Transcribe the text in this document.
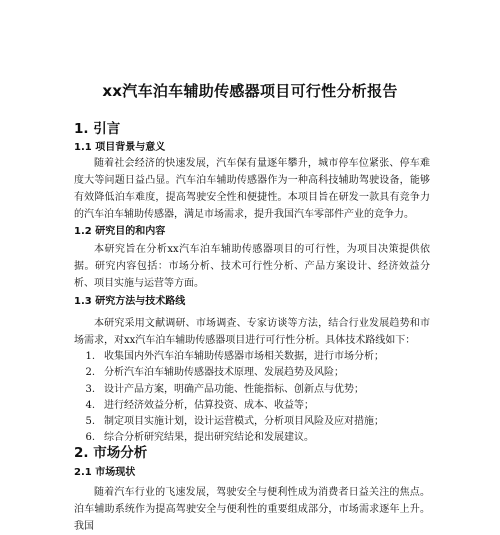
xx汽车泊车辅助传感器项目可行性分析报告
1. 引言
1.1 项目背景与意义

随着社会经济的快速发展，汽车保有量逐年攀升，城市停车位紧张、停车难度大等问题日益凸显。汽车泊车辅助传感器作为一种高科技辅助驾驶设备，能够有效降低泊车难度，提高驾驶安全性和便捷性。本项目旨在研发一款具有竞争力的汽车泊车辅助传感器，满足市场需求，提升我国汽车零部件产业的竞争力。

1.2 研究目的和内容

本研究旨在分析xx汽车泊车辅助传感器项目的可行性，为项目决策提供依据。研究内容包括：市场分析、技术可行性分析、产品方案设计、经济效益分析、项目实施与运营等方面。

1.3 研究方法与技术路线

本研究采用文献调研、市场调查、专家访谈等方法，结合行业发展趋势和市场需求，对xx汽车泊车辅助传感器项目进行可行性分析。具体技术路线如下：

1. 收集国内外汽车泊车辅助传感器市场相关数据，进行市场分析；
2. 分析汽车泊车辅助传感器技术原理、发展趋势及风险；
3. 设计产品方案，明确产品功能、性能指标、创新点与优势；
4. 进行经济效益分析，估算投资、成本、收益等；
5. 制定项目实施计划，设计运营模式，分析项目风险及应对措施；
6. 综合分析研究结果，提出研究结论和发展建议。
2. 市场分析
2.1 市场现状

随着汽车行业的飞速发展，驾驶安全与便利性成为消费者日益关注的焦点。泊车辅助系统作为提高驾驶安全与便利性的重要组成部分，市场需求逐年上升。我国
